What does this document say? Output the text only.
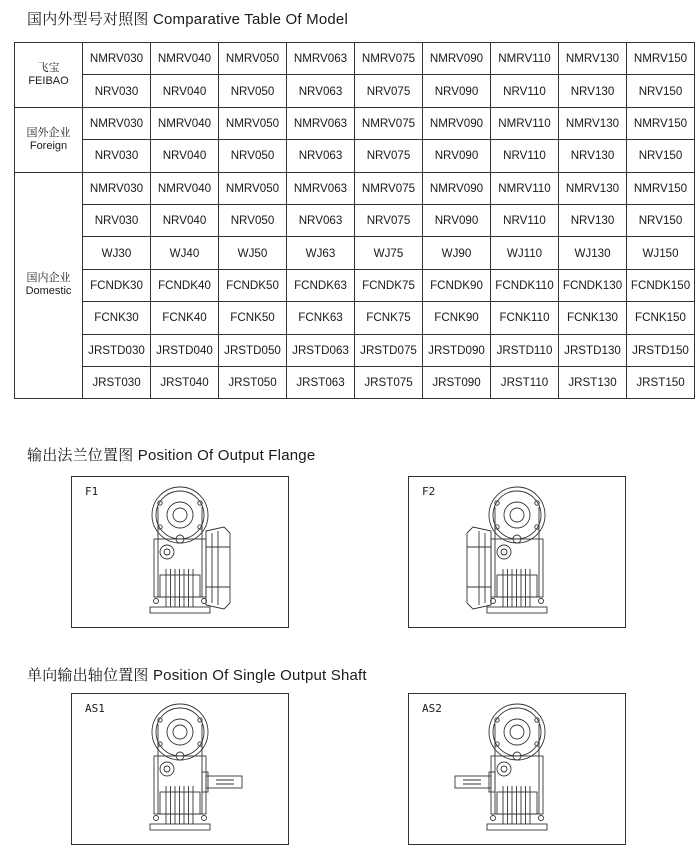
国内外型号对照图 Comparative Table Of Model
飞宝
FEIBAO	NMRV030	NMRV040	NMRV050	NMRV063	NMRV075	NMRV090	NMRV110	NMRV130	NMRV150
	NRV030	NRV040	NRV050	NRV063	NRV075	NRV090	NRV110	NRV130	NRV150

国外企业
Foreign	NMRV030	NMRV040	NMRV050	NMRV063	NMRV075	NMRV090	NMRV110	NMRV130	NMRV150
	NRV030	NRV040	NRV050	NRV063	NRV075	NRV090	NRV110	NRV130	NRV150

国内企业
Domestic	NMRV030	NMRV040	NMRV050	NMRV063	NMRV075	NMRV090	NMRV110	NMRV130	NMRV150
	NRV030	NRV040	NRV050	NRV063	NRV075	NRV090	NRV110	NRV130	NRV150
	WJ30	WJ40	WJ50	WJ63	WJ75	WJ90	WJ110	WJ130	WJ150
	FCNDK30	FCNDK40	FCNDK50	FCNDK63	FCNDK75	FCNDK90	FCNDK110	FCNDK130	FCNDK150
	FCNK30	FCNK40	FCNK50	FCNK63	FCNK75	FCNK90	FCNK110	FCNK130	FCNK150
	JRSTD030	JRSTD040	JRSTD050	JRSTD063	JRSTD075	JRSTD090	JRSTD110	JRSTD130	JRSTD150
	JRST030	JRST040	JRST050	JRST063	JRST075	JRST090	JRST110	JRST130	JRST150
输出法兰位置图 Position Of Output Flange
F1	F2
单向输出轴位置图 Position Of Single Output Shaft
AS1	AS2
